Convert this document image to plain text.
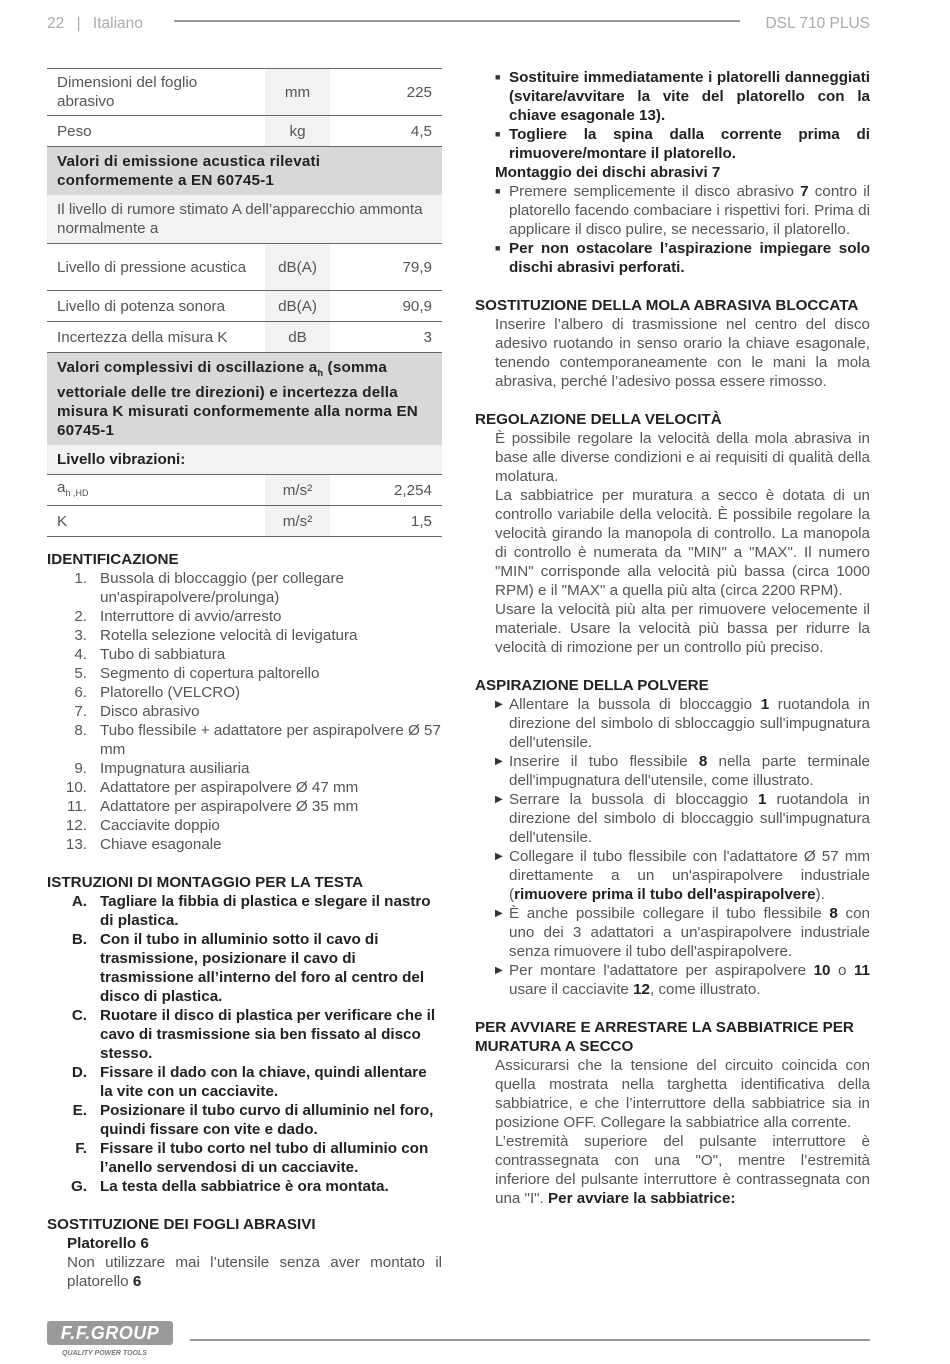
22 | Italiano	DSL 710 PLUS
Dimensioni del foglio abrasivo	mm	225
Peso	kg	4,5
Valori di emissione acustica rilevati conformemente a EN 60745-1		
Il livello di rumore stimato A dell’apparecchio ammonta normalmente a		
Livello di pressione acustica	dB(A)	79,9
Livello di potenza sonora	dB(A)	90,9
Incertezza della misura K	dB	3
Valori complessivi di oscillazione $a_h$ (somma vettoriale delle tre direzioni) e incertezza della misura K misurati conformemente alla norma EN 60745-1		
Livello vibrazioni:		
$a_{h ,HD}$	m/s²	2,254
K	m/s²	1,5
IDENTIFICAZIONE
1. Bussola di bloccaggio (per collegare un'aspirapolvere/prolunga)
2. Interruttore di avvio/arresto
3. Rotella selezione velocità di levigatura
4. Tubo di sabbiatura
5. Segmento di copertura paltorello
6. Platorello (VELCRO)
7. Disco abrasivo
8. Tubo flessibile + adattatore per aspirapolvere Ø 57 mm
9. Impugnatura ausiliaria
10. Adattatore per aspirapolvere Ø 47 mm
11. Adattatore per aspirapolvere Ø 35 mm
12. Cacciavite doppio
13. Chiave esagonale
ISTRUZIONI DI MONTAGGIO PER LA TESTA
A. Tagliare la fibbia di plastica e slegare il nastro di plastica.
B. Con il tubo in alluminio sotto il cavo di trasmissione, posizionare il cavo di trasmissione all’interno del foro al centro del disco di plastica.
C. Ruotare il disco di plastica per verificare che il cavo di trasmissione sia ben fissato al disco stesso.
D. Fissare il dado con la chiave, quindi allentare la vite con un cacciavite.
E. Posizionare il tubo curvo di alluminio nel foro, quindi fissare con vite e dado.
F. Fissare il tubo corto nel tubo di alluminio con l’anello servendosi di un cacciavite.
G. La testa della sabbiatrice è ora montata.
SOSTITUZIONE DEI FOGLI ABRASIVI
Platorello 6
Non utilizzare mai l’utensile senza aver montato il platorello 6
■ Sostituire immediatamente i platorelli danneggiati (svitare/avvitare la vite del platorello con la chiave esagonale 13).
■ Togliere la spina dalla corrente prima di rimuovere/montare il platorello.
Montaggio dei dischi abrasivi 7
■ Premere semplicemente il disco abrasivo 7 contro il platorello facendo combaciare i rispettivi fori. Prima di applicare il disco pulire, se necessario, il platorello.
■ Per non ostacolare l’aspirazione impiegare solo dischi abrasivi perforati.
SOSTITUZIONE DELLA MOLA ABRASIVA BLOCCATA
Inserire l’albero di trasmissione nel centro del disco adesivo ruotando in senso orario la chiave esagonale, tenendo contemporaneamente con le mani la mola abrasiva, perché l’adesivo possa essere rimosso.
REGOLAZIONE DELLA VELOCITÀ
È possibile regolare la velocità della mola abrasiva in base alle diverse condizioni e ai requisiti di qualità della molatura.
La sabbiatrice per muratura a secco è dotata di un controllo variabile della velocità. È possibile regolare la velocità girando la manopola di controllo. La manopola di controllo è numerata da "MIN" a "MAX". Il numero "MIN" corrisponde alla velocità più bassa (circa 1000 RPM) e il "MAX" a quella più alta (circa 2200 RPM).
Usare la velocità più alta per rimuovere velocemente il materiale. Usare la velocità più bassa per ridurre la velocità di rimozione per un controllo più preciso.
ASPIRAZIONE DELLA POLVERE
▶ Allentare la bussola di bloccaggio 1 ruotandola in direzione del simbolo di sbloccaggio sull'impugnatura dell'utensile.
▶ Inserire il tubo flessibile 8 nella parte terminale dell'impugnatura dell'utensile, come illustrato.
▶ Serrare la bussola di bloccaggio 1 ruotandola in direzione del simbolo di bloccaggio sull'impugnatura dell'utensile.
▶ Collegare il tubo flessibile con l'adattatore Ø 57 mm direttamente a un un'aspirapolvere industriale (rimuovere prima il tubo dell'aspirapolvere).
▶ È anche possibile collegare il tubo flessibile 8 con uno dei 3 adattatori a un'aspirapolvere industriale senza rimuovere il tubo dell'aspirapolvere.
▶ Per montare l'adattatore per aspirapolvere 10 o 11 usare il cacciavite 12, come illustrato.
PER AVVIARE E ARRESTARE LA SABBIATRICE PER MURATURA A SECCO
Assicurarsi che la tensione del circuito coincida con quella mostrata nella targhetta identificativa della sabbiatrice, e che l’interruttore della sabbiatrice sia in posizione OFF. Collegare la sabbiatrice alla corrente.
L’estremità superiore del pulsante interruttore è contrassegnata con una "O", mentre l’estremità inferiore del pulsante interruttore è contrassegnata con una "I". Per avviare la sabbiatrice:
F.F.GROUP
QUALITY POWER TOOLS
